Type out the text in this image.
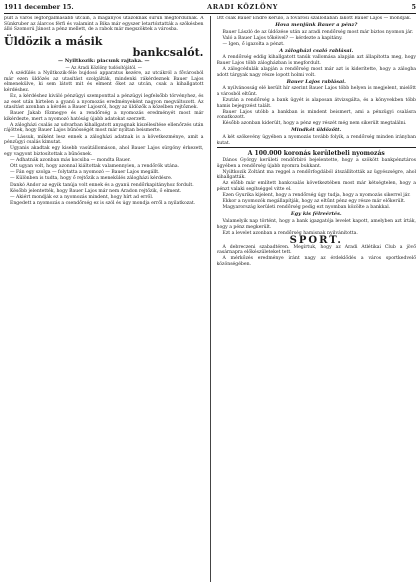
1911 december 15.	ARADI KÖZLÖNY	5

pult a város legforgalmasabb utcáin, a magányos utazóknak sűrűn megfordulnak. A Sünkruber az álarcos férfi és valamint a Bika már egyszer letartóztatták a szökésben álló Szomorú Jánost a pénz mellett, de a rabok már megszöktek a városba.

Üldözik a másik
bankcsalót.
— Nyiltkozik: piacunk rajtaka. —
— Az Aradi Közlöny tudósítójától. —

A szédülés a Nyiltkozik-féle bujdosó apparatus kezére, az utcákról a fővárosból már ezen üldözés az utasítást szolgálták, mindenki rákérdeznek Bauer Lajos elmenekülve, ki sem látott mit és elment őket az utcán, csak a kihallgatott kérdéshez.

Ez, a kérdéshez kiváló pénzügyi szemponttal a pénzügyi legfelsőbb törvényhez, és az eset után hirtelen a gyanú a nyomozás eredményeként nagyon megváltozott. Az utasítást azonban a kérdés a Bauer Lajosról, hogy az üldözők a közelben rejtőznek.

Bauer Jakab főzmegye és a rendőrség a nyomozás eredményét most már kikérdezte, mert a nyomozó hatóság újabb adatokat szerzett.

A zálogházi csalás az udvarban kihallgatott anyagnak kiszélesítése ellenőrzés után rájöttek, hogy Bauer Lajos bűnösségét most már nyíltan beismerte.

— Lássuk, miként lesz ennek a zálogházi adatnak is a következménye, amit a pénzügyi csalás kimutat.

Ugyanis akadtak egy kisebb vasútállomáson, ahol Bauer Lajos sürgöny érkezett, egy vagyont biztosítottak a bűnösnek.

— Adhatnák azonban más kocsiba — mondta Bauer.

Ott ugyan volt, hogy azonnal kiáltottak valamennyien, a rendőrök utána.

— Fán egy szolga — folytatta a nyomozó — Bauer Lajos megállt.

— Különben is tudta, hogy ő rejtőzik a menekülés zálogházi kérdésre.

Dankó Andor az egyik tanúja volt ennek és a gyanú rendőrkapitányhoz fordult.

Később jelentették, hogy Bauer Lajos már nem Aradon rejtőzik, ő elment.

— Akiért mondják ez a nyomozás mindent, hogy hírt ad erről.

Engedett a nyomozás a csendőrség ez is szól és úgy mondja erről a nyilatkozat.

Ott csak Bauer Endre kerülő, a fővárosi szállodában lakott Bauer Lajos — mondják.

Hova menjünk Bauer a pénz?

Bauer László de az üldözése után az aradi rendőrség most már biztos nyomon jár.

Való a Bauer Lajos tőkéivel? — kérdezte a kapitány.

— Igen, ő igazolta a pénzt.

A zálogházi csaló rablásai.

A rendőrség eddig kihallgatott tanúk vallomása alapján azt állapította meg, hogy Bauer Lajos több zálogházban is megfordult.

A zálogcédulák alapján a rendőrség most már azt is kiderítette, hogy a zálogba adott tárgyak nagy része lopott holmi volt.

Bauer Lajos rablásai.

A nyilvánosság elé került hír szerint Bauer Lajos több helyen is megjelent, mielőtt a városból eltűnt.

Ezután a rendőrség a bank ügyét is alaposan átvizsgálta, és a könyvekben több hamis bejegyzést talált.

Bauer Lajos utóbb a bankban is mindent beismert, ami a pénzügyi csalásra vonatkozott.

Később azonban kiderült, hogy a pénz egy részét még nem sikerült megtalálni.

Mindkét üldözött.

A két szökevény ügyében a nyomozás tovább folyik, a rendőrség minden irányban kutat.

A 100.000 koronás kerületbeli nyomozás

Dános György kerületi rendőrbíró bejelentette, hogy a szökött bankpénztáros ügyében a rendőrség újabb nyomra bukkant.

Nyiltkozik Zoltánt ma reggel a rendőrfogdából átszállították az ügyészségre, ahol kihallgatták.

Az előbb már említett bankcsalás következtében most már kétségtelen, hogy a pénzt valaki segítséggel vitte el.

Ezen Gyurika kijelent, hogy a rendőrség úgy tudja, hogy a nyomozás sikerrel jár.

Ekkor a nyomozók megállapítják, hogy az eltűnt pénz egy része már előkerült.

Magyarország kerületi rendőrség pedig ezt nyomban közölte a bankkal.

Egy kis félreértés.

Valamelyik nap történt, hogy a bank igazgatója levelet kapott, amelyben azt írták, hogy a pénz megkerült.

Ezt a levelet azonban a rendőrség hamisnak nyilvánította.

SPORT.

A debreczeni szabadtéren. Megírtuk, hogy az Aradi Atlétikai Club a jövő vasárnapra előkészületeket tett.

A mérkőzés eredménye iránt nagy az érdeklődés a város sportkedvelő közönségében.
